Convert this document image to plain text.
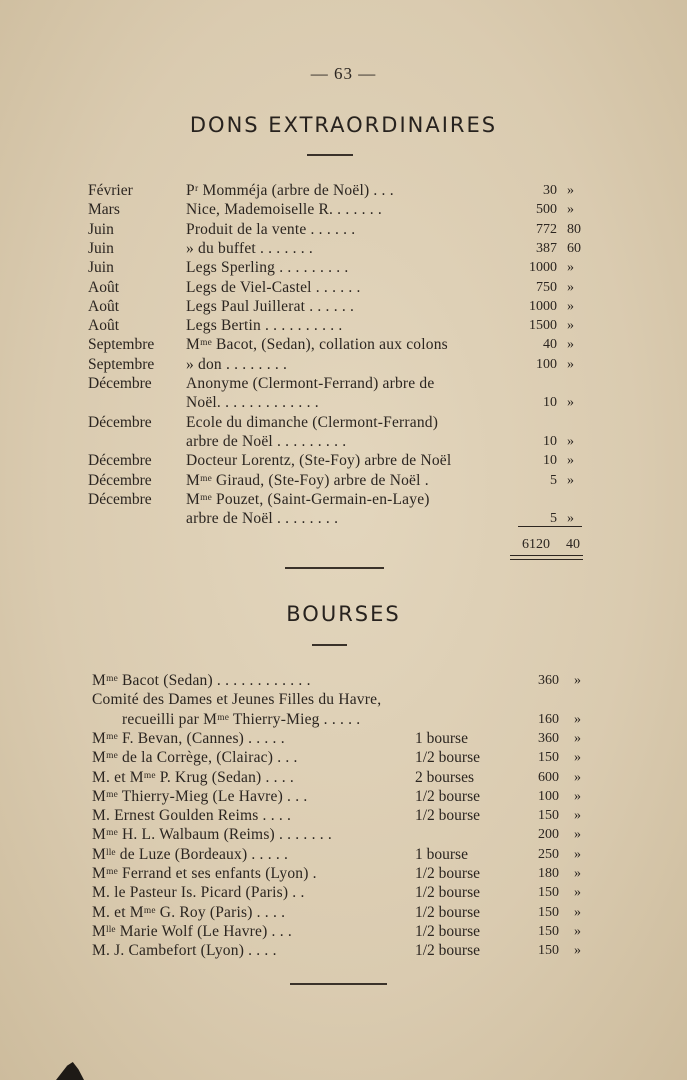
— 63 —
DONS EXTRAORDINAIRES
Février	Pʳ Momméja (arbre de Noël) . . .	30 »
Mars	Nice, Mademoiselle R. . . . . . .	500 »
Juin	Produit de la vente . . . . . .	772 80
Juin	» du buffet . . . . . . .	387 60
Juin	Legs Sperling . . . . . . . . .	1000 »
Août	Legs de Viel-Castel . . . . . .	750 »
Août	Legs Paul Juillerat . . . . . .	1000 »
Août	Legs Bertin . . . . . . . . . .	1500 »
Septembre Mᵐᵉ Bacot, (Sedan), collation aux colons	40 »
Septembre » don . . . . . . . .	100 »
Décembre Anonyme (Clermont-Ferrand) arbre de
Noël. . . . . . . . . . . . .	10 »
Décembre Ecole du dimanche (Clermont-Ferrand)
arbre de Noël . . . . . . . . .	10 »
Décembre Docteur Lorentz, (Ste-Foy) arbre de Noël	10 »
Décembre Mᵐᵉ Giraud, (Ste-Foy) arbre de Noël .	5 »
Décembre Mᵐᵉ Pouzet, (Saint-Germain-en-Laye)
arbre de Noël . . . . . . . .	5 »
6120 40
BOURSES
Mᵐᵉ Bacot (Sedan) . . . . . . . . . . . .	360 »
Comité des Dames et Jeunes Filles du Havre,
recueilli par Mᵐᵉ Thierry-Mieg . . . . .	160 »
Mᵐᵉ F. Bevan, (Cannes) . . . . .	1 bourse	360 »
Mᵐᵉ de la Corrège, (Clairac) . . .	1/2 bourse	150 »
M. et Mᵐᵉ P. Krug (Sedan) . . . .	2 bourses	600 »
Mᵐᵉ Thierry-Mieg (Le Havre) . . .	1/2 bourse	100 »
M. Ernest Goulden Reims . . . .	1/2 bourse	150 »
Mᵐᵉ H. L. Walbaum (Reims) . . . . . . .	200 »
Mˡˡᵉ de Luze (Bordeaux) . . . . .	1 bourse	250 »
Mᵐᵉ Ferrand et ses enfants (Lyon) .	1/2 bourse	180 »
M. le Pasteur Is. Picard (Paris) . .	1/2 bourse	150 »
M. et Mᵐᵉ G. Roy (Paris) . . . .	1/2 bourse	150 »
Mˡˡᵉ Marie Wolf (Le Havre) . . .	1/2 bourse	150 »
M. J. Cambefort (Lyon) . . . .	1/2 bourse	150 »
